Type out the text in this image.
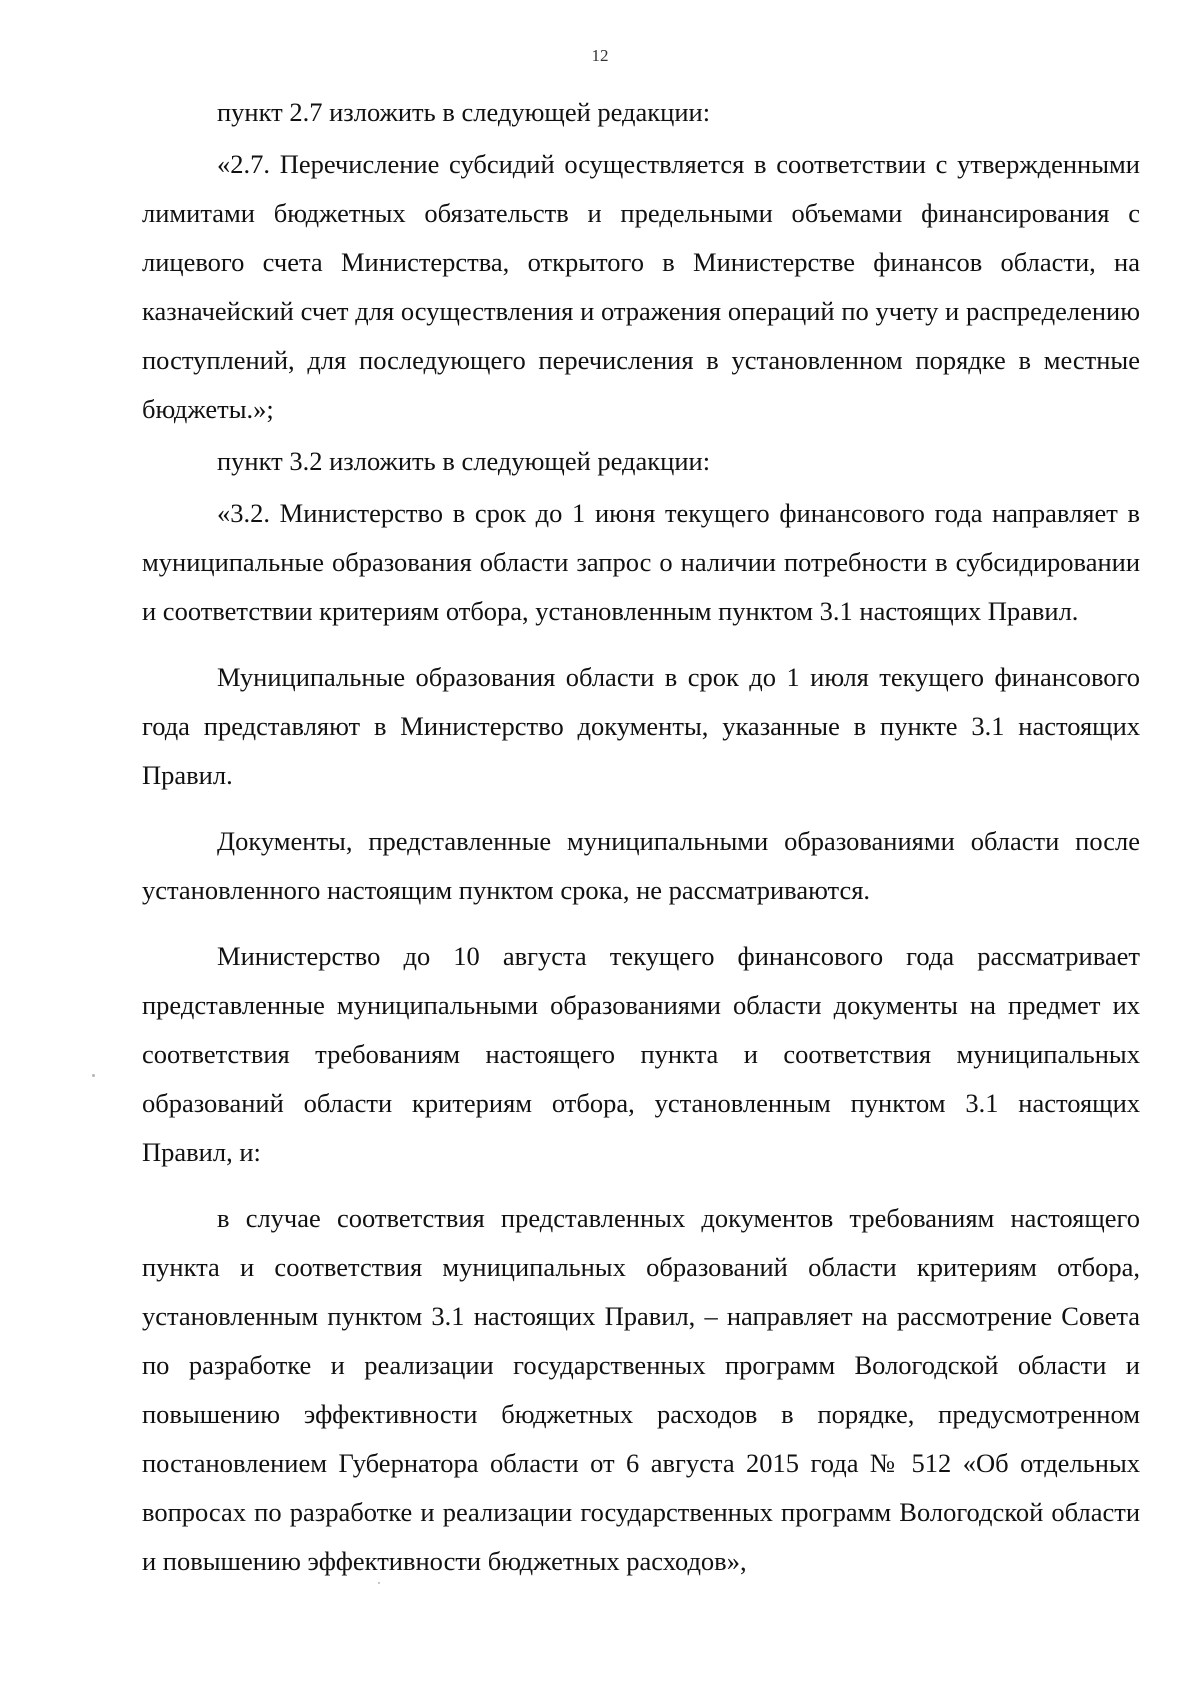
12

пункт 2.7 изложить в следующей редакции:

«2.7. Перечисление субсидий осуществляется в соответствии с утвержденными лимитами бюджетных обязательств и предельными объемами финансирования с лицевого счета Министерства, открытого в Министерстве финансов области, на казначейский счет для осуществления и отражения операций по учету и распределению поступлений, для последующего перечисления в установленном порядке в местные бюджеты.»;

пункт 3.2 изложить в следующей редакции:

«3.2. Министерство в срок до 1 июня текущего финансового года направляет в муниципальные образования области запрос о наличии потребности в субсидировании и соответствии критериям отбора, установленным пунктом 3.1 настоящих Правил.

Муниципальные образования области в срок до 1 июля текущего финансового года представляют в Министерство документы, указанные в пункте 3.1 настоящих Правил.

Документы, представленные муниципальными образованиями области после установленного настоящим пунктом срока, не рассматриваются.

Министерство до 10 августа текущего финансового года рассматривает представленные муниципальными образованиями области документы на предмет их соответствия требованиям настоящего пункта и соответствия муниципальных образований области критериям отбора, установленным пунктом 3.1 настоящих Правил, и:

в случае соответствия представленных документов требованиям настоящего пункта и соответствия муниципальных образований области критериям отбора, установленным пунктом 3.1 настоящих Правил, – направляет на рассмотрение Совета по разработке и реализации государственных программ Вологодской области и повышению эффективности бюджетных расходов в порядке, предусмотренном постановлением Губернатора области от 6 августа 2015 года № 512 «Об отдельных вопросах по разработке и реализации государственных программ Вологодской области и повышению эффективности бюджетных расходов»,
